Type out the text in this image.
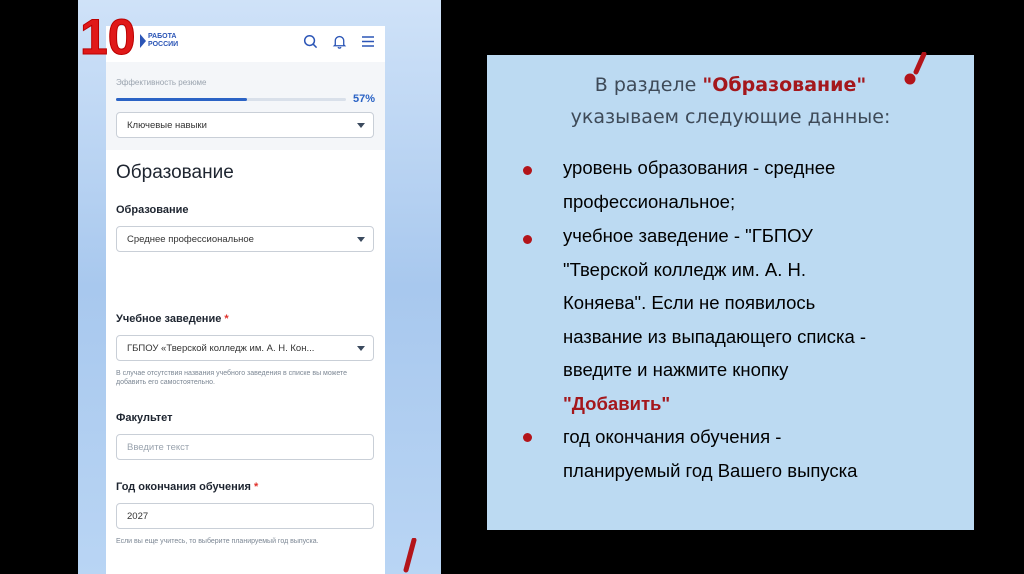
РАБОТА
РОССИИ
Эффективность резюме
57%
Ключевые навыки
Образование
Образование
Среднее профессиональное
Учебное заведение *
ГБПОУ «Тверской колледж им. А. Н. Кон...
В случае отсутствия названия учебного заведения в списке вы можете добавить его самостоятельно.
Факультет
Введите текст
Год окончания обучения *
2027
Если вы еще учитесь, то выберите планируемый год выпуска.
10
В разделе "Образование"
указываем следующие данные:
уровень образования - среднее
профессиональное;
учебное заведение - "ГБПОУ
"Тверской колледж им. А. Н.
Коняева". Если не появилось
название из выпадающего списка -
введите и нажмите кнопку
"Добавить"
год окончания обучения -
планируемый год Вашего выпуска
